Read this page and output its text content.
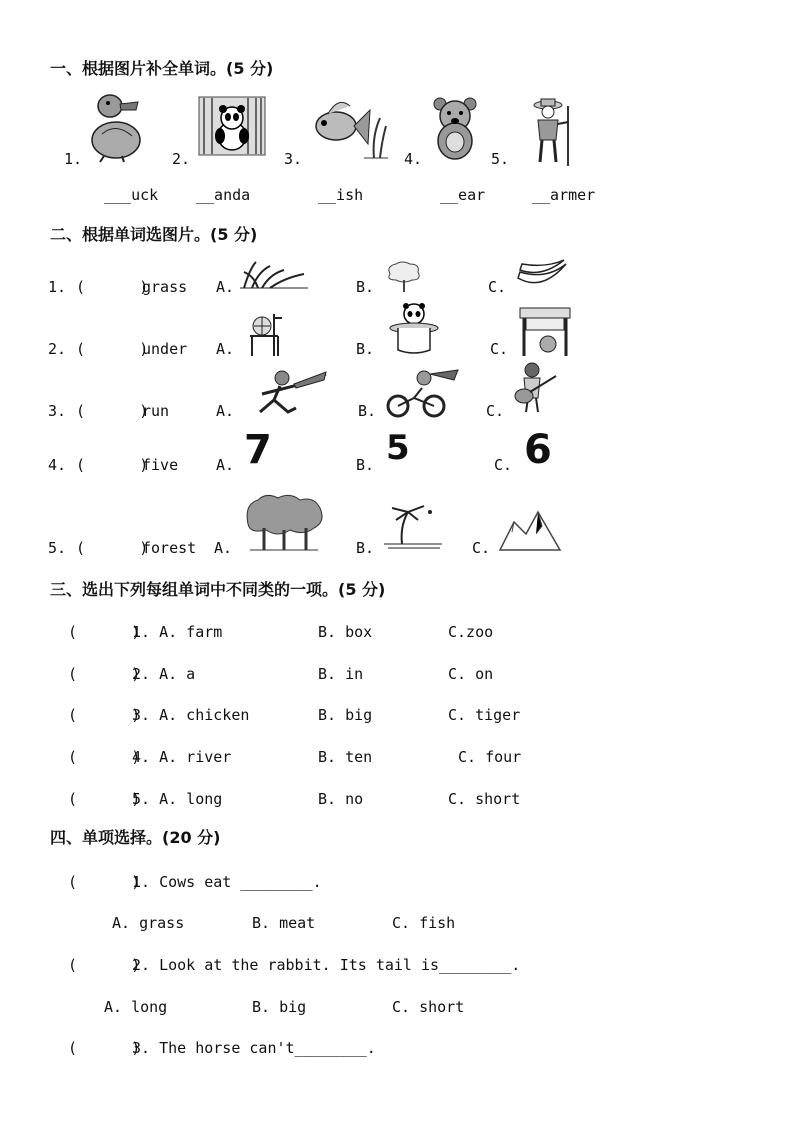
一、根据图片补全单词。(5 分)
1.	2.	3.	4.	5.
___uck	__anda	__ish	__ear	__armer
二、根据单词选图片。(5 分)
1. (      )
grass A.	B.	C.
2. (      )
under A.	B.	C.
3. (      )
run	A.	B.	C.
4. (      )
five	A.	B.	C.
7	5	6
5. (      )
forest A.	B.	C.
三、选出下列每组单词中不同类的一项。(5 分)
(      )
1. A. farm	B. box	C.zoo
(      )
2. A. a	B. in	C. on
(      )
3. A. chicken	B. big	C. tiger
(      )
4. A. river	B. ten	C. four
(      )
5. A. long	B. no	C. short
四、单项选择。(20 分)
(      )
1. Cows eat ________.
A. grass	B. meat	C. fish
(      )
2. Look at the rabbit. Its tail is________.
A. long	B. big	C. short
(      )
3. The horse can't________.
